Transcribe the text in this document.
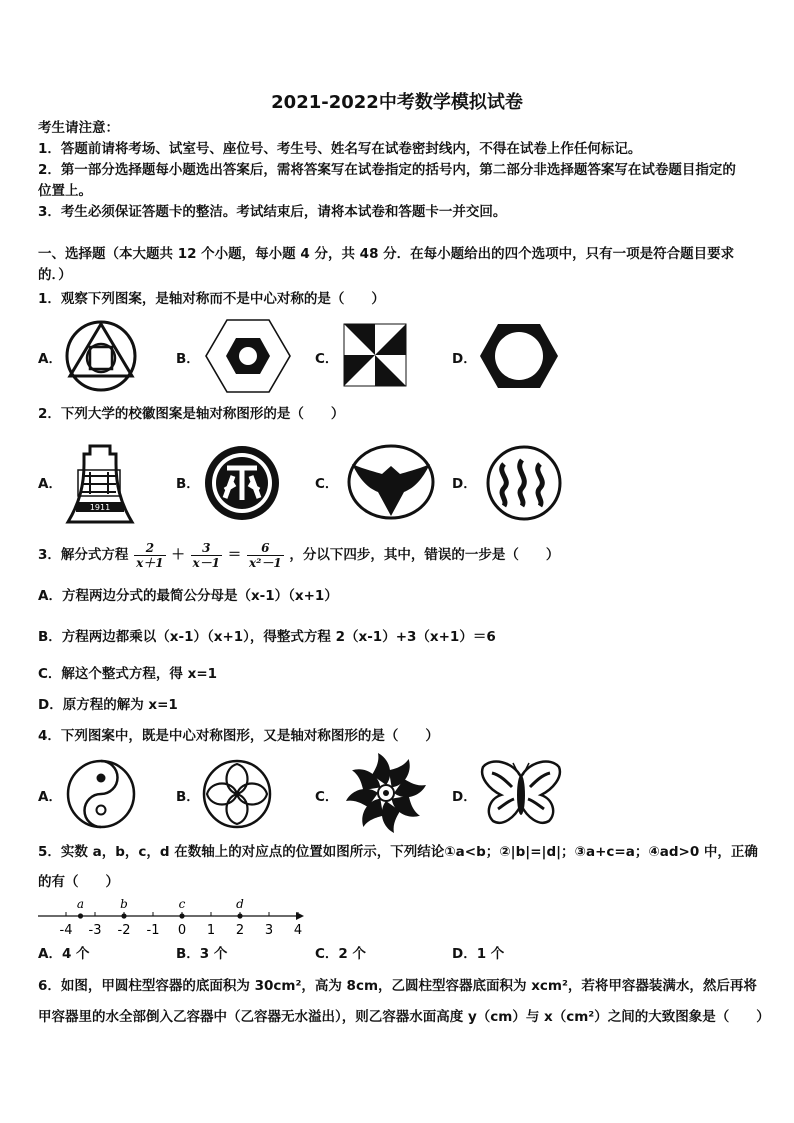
2021-2022中考数学模拟试卷
考生请注意：
1．答题前请将考场、试室号、座位号、考生号、姓名写在试卷密封线内，不得在试卷上作任何标记。
2．第一部分选择题每小题选出答案后，需将答案写在试卷指定的括号内，第二部分非选择题答案写在试卷题目指定的
位置上。
3．考生必须保证答题卡的整洁。考试结束后，请将本试卷和答题卡一并交回。
一、选择题（本大题共 12 个小题，每小题 4 分，共 48 分．在每小题给出的四个选项中，只有一项是符合题目要求
的．）
1．观察下列图案，是轴对称而不是中心对称的是（　　）
A．	B．	C．	D．
2．下列大学的校徽图案是轴对称图形的是（　　）
A．
1911
B．	C．	D．
3．解分式方程 $\frac{2}{x+1} + \frac{3}{x-1} = \frac{6}{\text{x²－1}}$ ，分以下四步，其中，错误的一步是（　　）
A．方程两边分式的最简公分母是（x-1）（x+1）
B．方程两边都乘以（x-1）（x+1），得整式方程 2（x-1）+3（x+1）＝6
C．解这个整式方程，得 x=1
D．原方程的解为 x=1
4．下列图案中，既是中心对称图形，又是轴对称图形的是（　　）
A．	B．	C．	D．
5．实数 a，b，c，d 在数轴上的对应点的位置如图所示，下列结论①a<b；②|b|=|d|；③a+c=a；④ad>0 中，正确
的有（　　）
-4 -3 -2 -1 0 1 2 3 4
a	b	c	d
A．4 个	B．3 个	C．2 个	D．1 个
6．如图，甲圆柱型容器的底面积为 30cm²，高为 8cm，乙圆柱型容器底面积为 xcm²，若将甲容器装满水，然后再将
甲容器里的水全部倒入乙容器中（乙容器无水溢出），则乙容器水面高度 y（cm）与 x（cm²）之间的大致图象是（　　）
